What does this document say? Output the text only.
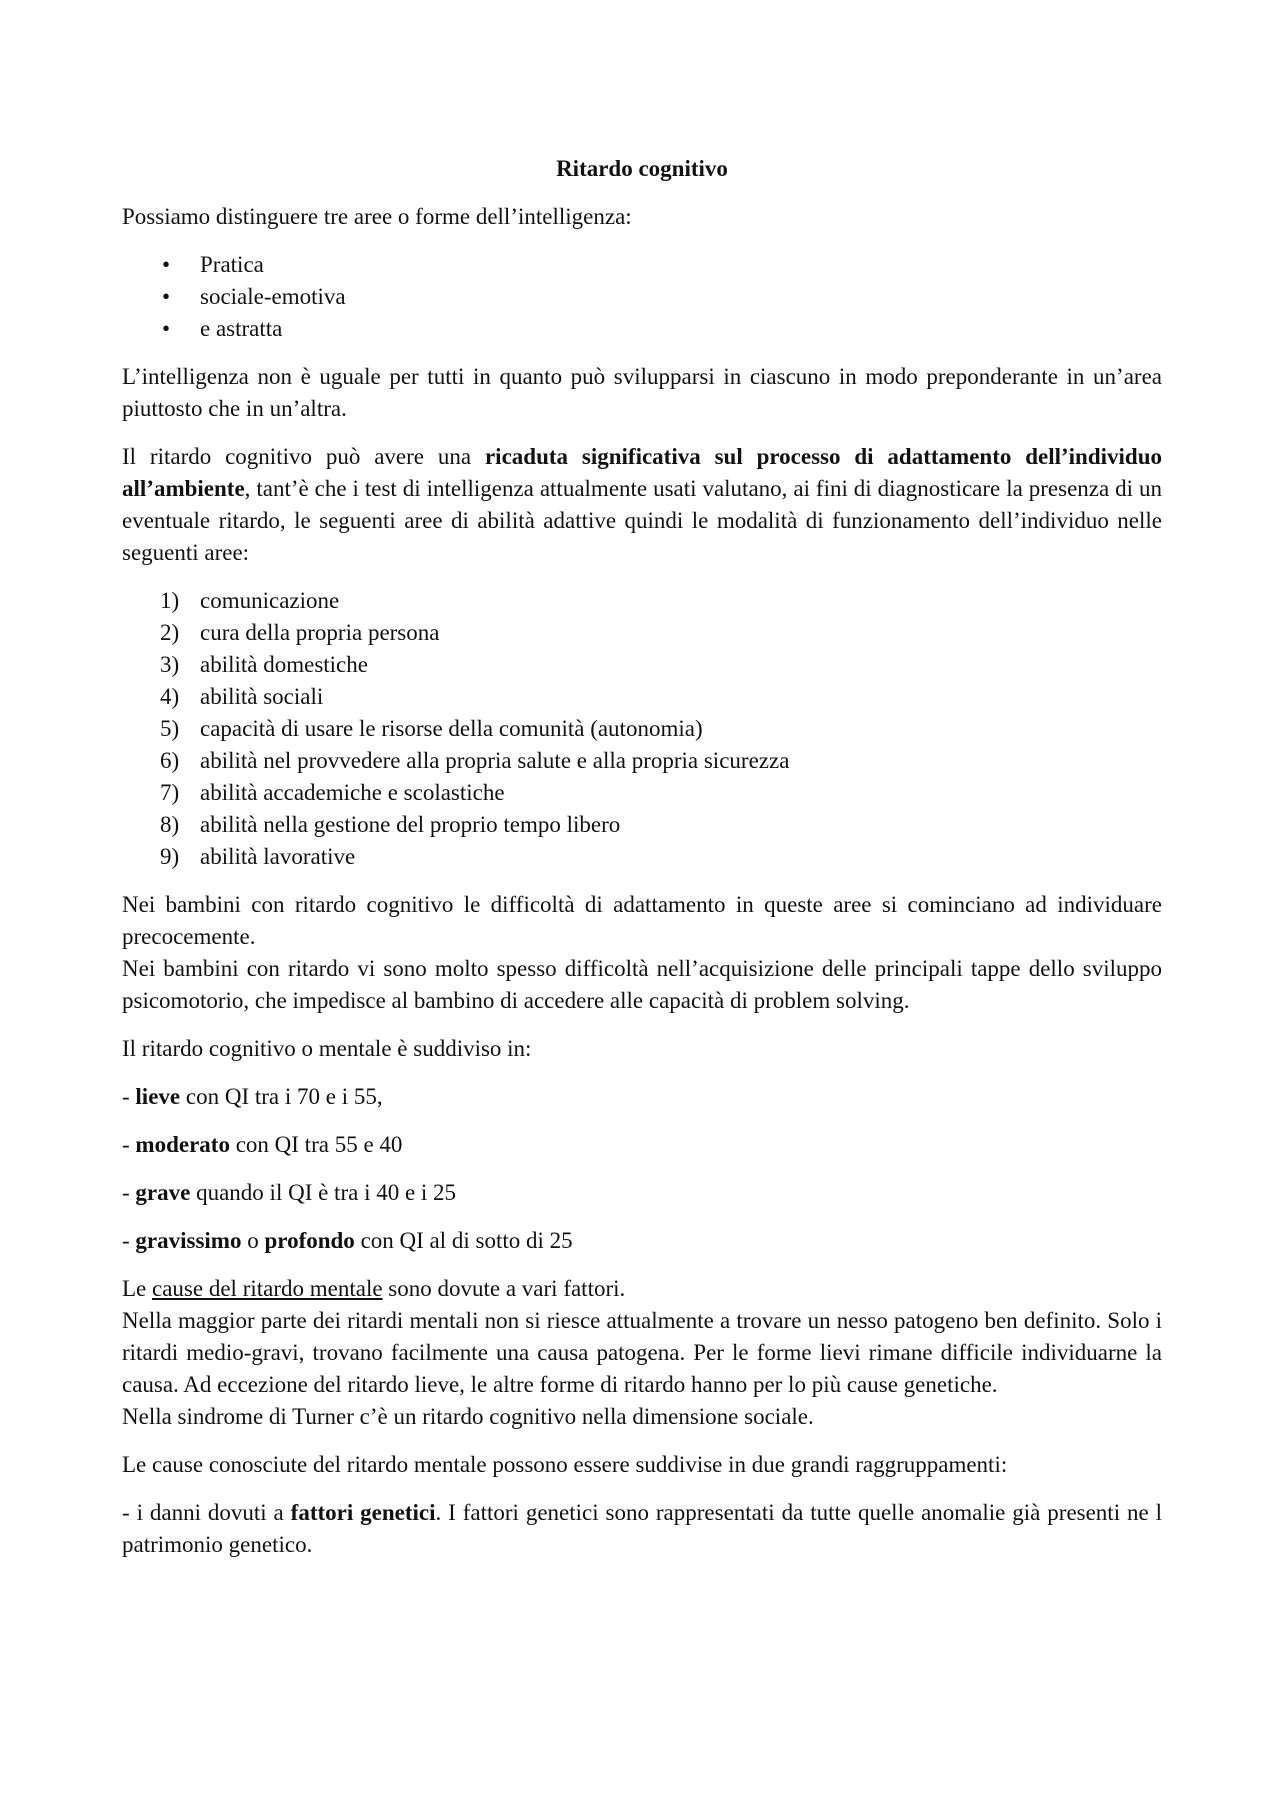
Ritardo cognitivo

Possiamo distinguere tre aree o forme dell’intelligenza:

• Pratica
• sociale-emotiva
• e astratta

L’intelligenza non è uguale per tutti in quanto può svilupparsi in ciascuno in modo preponderante in un’area piuttosto che in un’altra.

Il ritardo cognitivo può avere una ricaduta significativa sul processo di adattamento dell’individuo all’ambiente, tant’è che i test di intelligenza attualmente usati valutano, ai fini di diagnosticare la presenza di un eventuale ritardo, le seguenti aree di abilità adattive quindi le modalità di funzionamento dell’individuo nelle seguenti aree:

1) comunicazione
2) cura della propria persona
3) abilità domestiche
4) abilità sociali
5) capacità di usare le risorse della comunità (autonomia)
6) abilità nel provvedere alla propria salute e alla propria sicurezza
7) abilità accademiche e scolastiche
8) abilità nella gestione del proprio tempo libero
9) abilità lavorative

Nei bambini con ritardo cognitivo le difficoltà di adattamento in queste aree si cominciano ad individuare precocemente.

Nei bambini con ritardo vi sono molto spesso difficoltà nell’acquisizione delle principali tappe dello sviluppo psicomotorio, che impedisce al bambino di accedere alle capacità di problem solving.

Il ritardo cognitivo o mentale è suddiviso in:

- lieve con QI tra i 70 e i 55,

- moderato con QI tra 55 e 40

- grave quando il QI è tra i 40 e i 25

- gravissimo o profondo con QI al di sotto di 25

Le cause del ritardo mentale sono dovute a vari fattori.

Nella maggior parte dei ritardi mentali non si riesce attualmente a trovare un nesso patogeno ben definito. Solo i ritardi medio-gravi, trovano facilmente una causa patogena. Per le forme lievi rimane difficile individuarne la causa. Ad eccezione del ritardo lieve, le altre forme di ritardo hanno per lo più cause genetiche.

Nella sindrome di Turner c’è un ritardo cognitivo nella dimensione sociale.

Le cause conosciute del ritardo mentale possono essere suddivise in due grandi raggruppamenti:

- i danni dovuti a fattori genetici. I fattori genetici sono rappresentati da tutte quelle anomalie già presenti ne l patrimonio genetico.
